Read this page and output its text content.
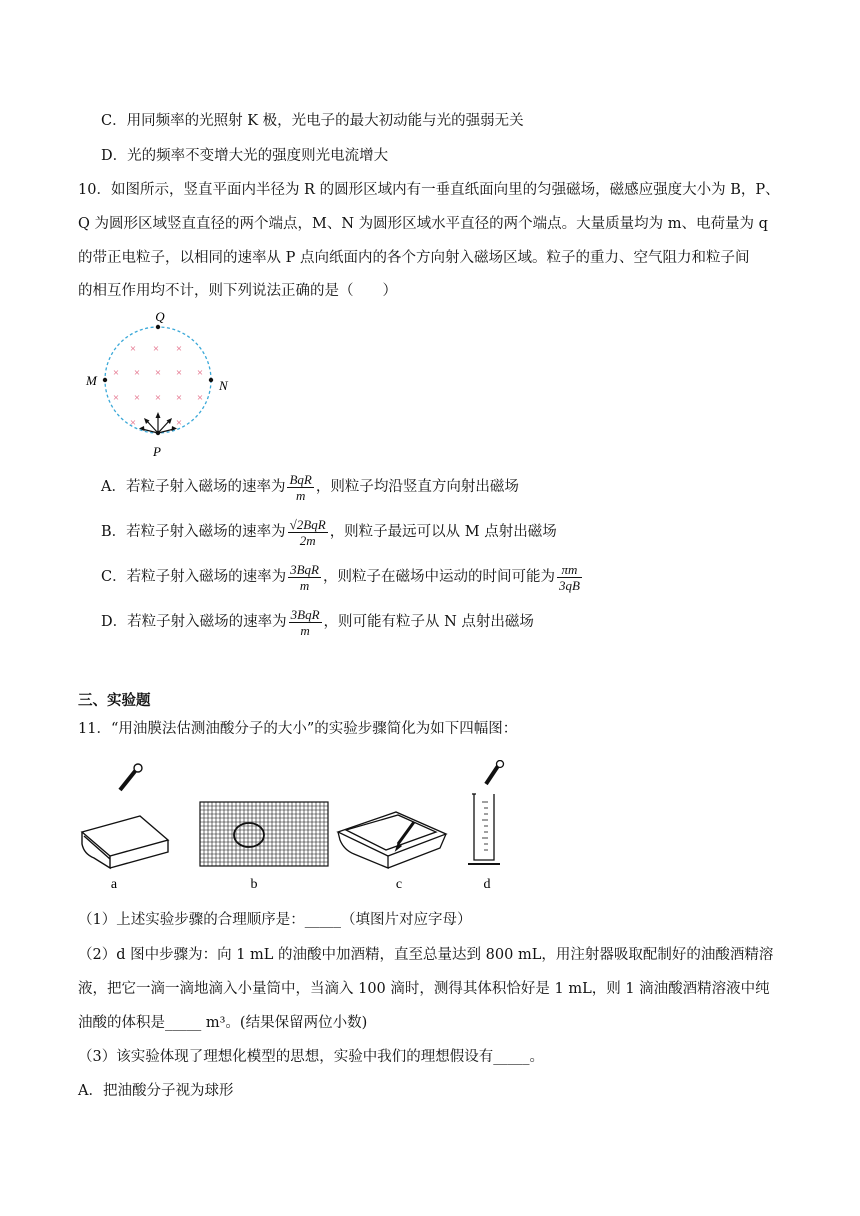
C．用同频率的光照射 K 极，光电子的最大初动能与光的强弱无关
D．光的频率不变增大光的强度则光电流增大
10．如图所示，竖直平面内半径为 R 的圆形区域内有一垂直纸面向里的匀强磁场，磁感应强度大小为 B，P、
Q 为圆形区域竖直直径的两个端点，M、N 为圆形区域水平直径的两个端点。大量质量均为 m、电荷量为 q
的带正电粒子，以相同的速率从 P 点向纸面内的各个方向射入磁场区域。粒子的重力、空气阻力和粒子间
的相互作用均不计，则下列说法正确的是（　　）
× × ×
× × × × ×
× × × × ×
×	×
Q
M	N
P
A．若粒子射入磁场的速率为 $\frac{\text{BqR}}{m}$ ，则粒子均沿竖直方向射出磁场
B．若粒子射入磁场的速率为 $\frac{\text{√2BqR}}{2m}$ ，则粒子最远可以从 M 点射出磁场
C．若粒子射入磁场的速率为 $\frac{\text{3BqR}}{m}$ ，则粒子在磁场中运动的时间可能为 $\frac{\pi m}{3qB}$
D．若粒子射入磁场的速率为 $\frac{\text{3BqR}}{m}$ ，则可能有粒子从 N 点射出磁场
三、实验题
11．“用油膜法估测油酸分子的大小”的实验步骤简化为如下四幅图：
a	b	c	d
（1）上述实验步骤的合理顺序是：_____（填图片对应字母）
（2）d 图中步骤为：向 1 mL 的油酸中加酒精，直至总量达到 800 mL，用注射器吸取配制好的油酸酒精溶
液，把它一滴一滴地滴入小量筒中，当滴入 100 滴时，测得其体积恰好是 1 mL，则 1 滴油酸酒精溶液中纯
油酸的体积是_____ m³。(结果保留两位小数)
（3）该实验体现了理想化模型的思想，实验中我们的理想假设有_____。
A．把油酸分子视为球形
